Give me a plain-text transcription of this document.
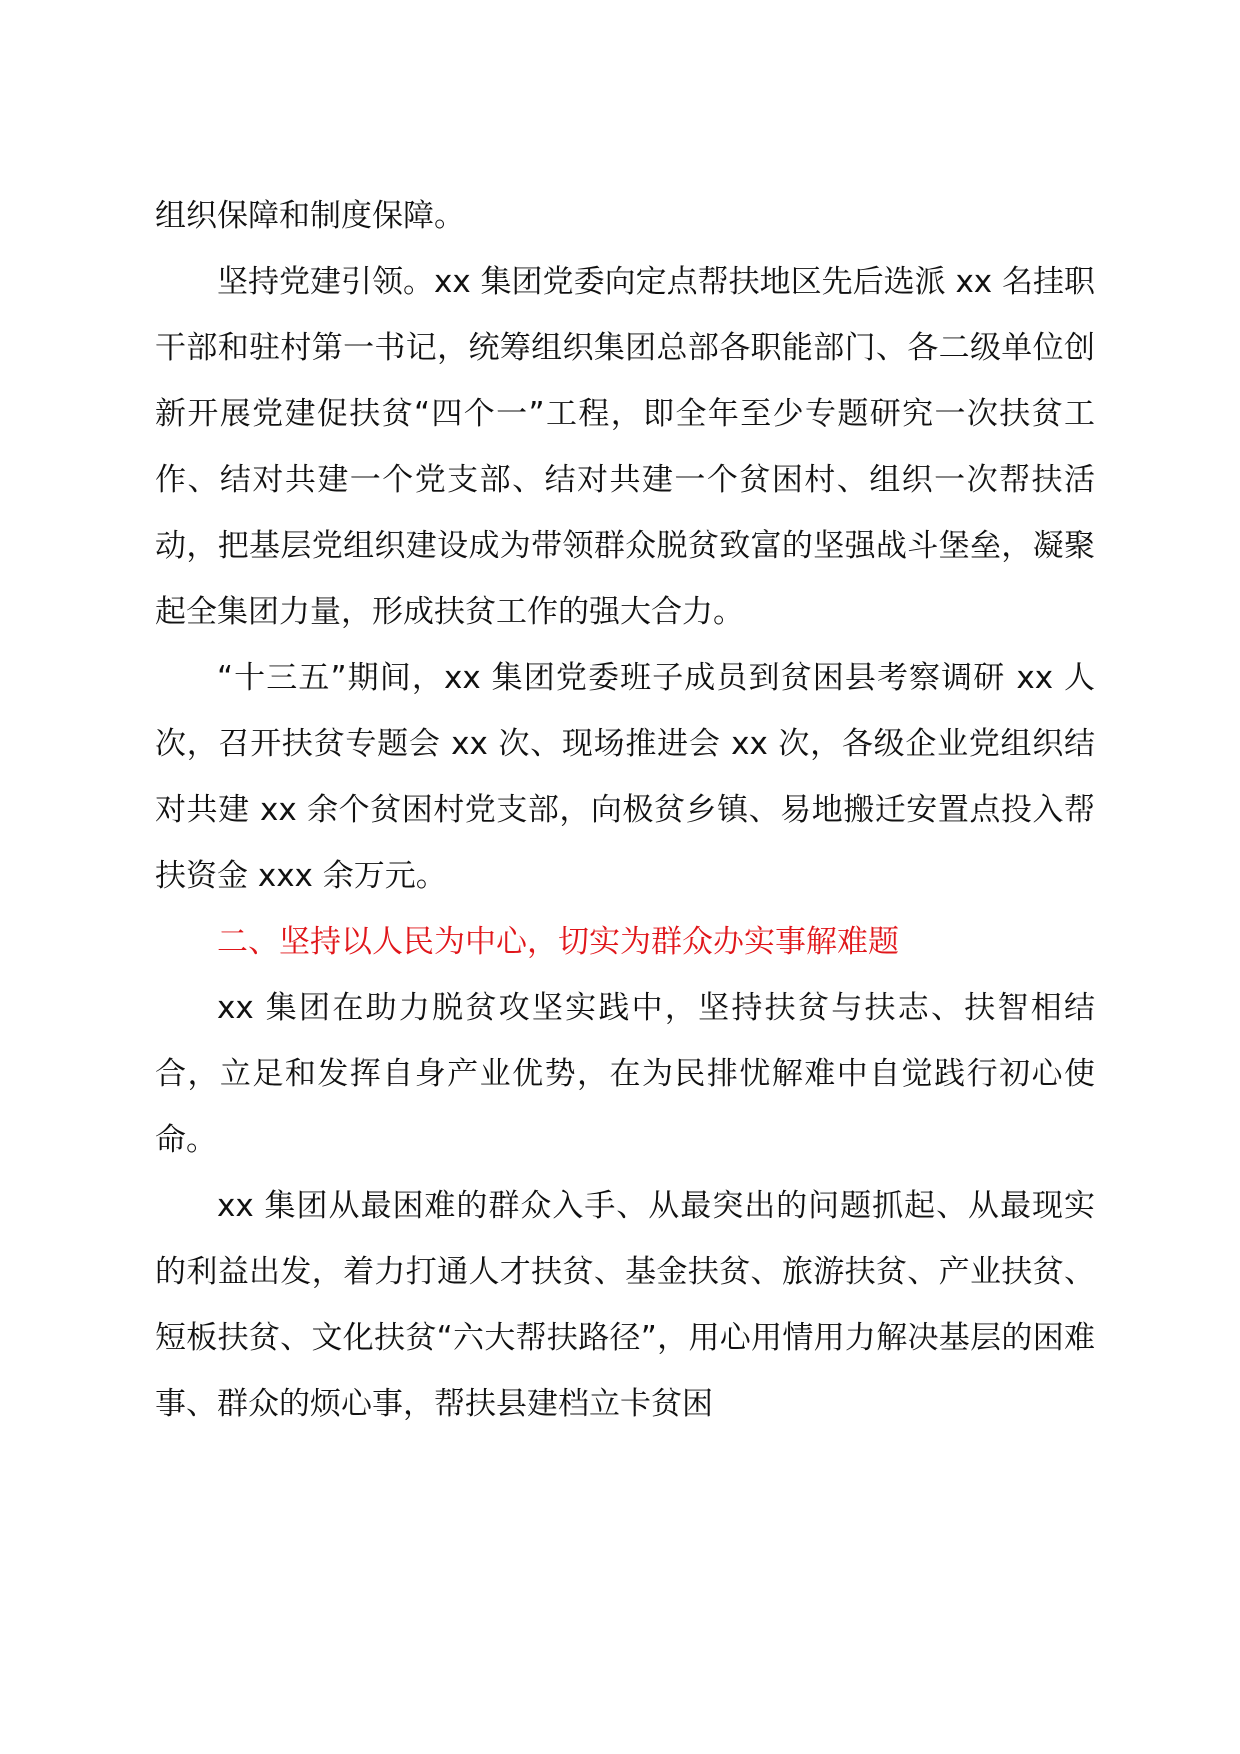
组织保障和制度保障。

坚持党建引领。xx 集团党委向定点帮扶地区先后选派 xx 名挂职干部和驻村第一书记，统筹组织集团总部各职能部门、各二级单位创新开展党建促扶贫“四个一”工程，即全年至少专题研究一次扶贫工作、结对共建一个党支部、结对共建一个贫困村、组织一次帮扶活动，把基层党组织建设成为带领群众脱贫致富的坚强战斗堡垒，凝聚起全集团力量，形成扶贫工作的强大合力。

“十三五”期间，xx 集团党委班子成员到贫困县考察调研 xx 人次，召开扶贫专题会 xx 次、现场推进会 xx 次，各级企业党组织结对共建 xx 余个贫困村党支部，向极贫乡镇、易地搬迁安置点投入帮扶资金 xxx 余万元。

二、坚持以人民为中心，切实为群众办实事解难题

xx 集团在助力脱贫攻坚实践中，坚持扶贫与扶志、扶智相结合，立足和发挥自身产业优势，在为民排忧解难中自觉践行初心使命。

xx 集团从最困难的群众入手、从最突出的问题抓起、从最现实的利益出发，着力打通人才扶贫、基金扶贫、旅游扶贫、产业扶贫、短板扶贫、文化扶贫“六大帮扶路径”，用心用情用力解决基层的困难事、群众的烦心事，帮扶县建档立卡贫困
